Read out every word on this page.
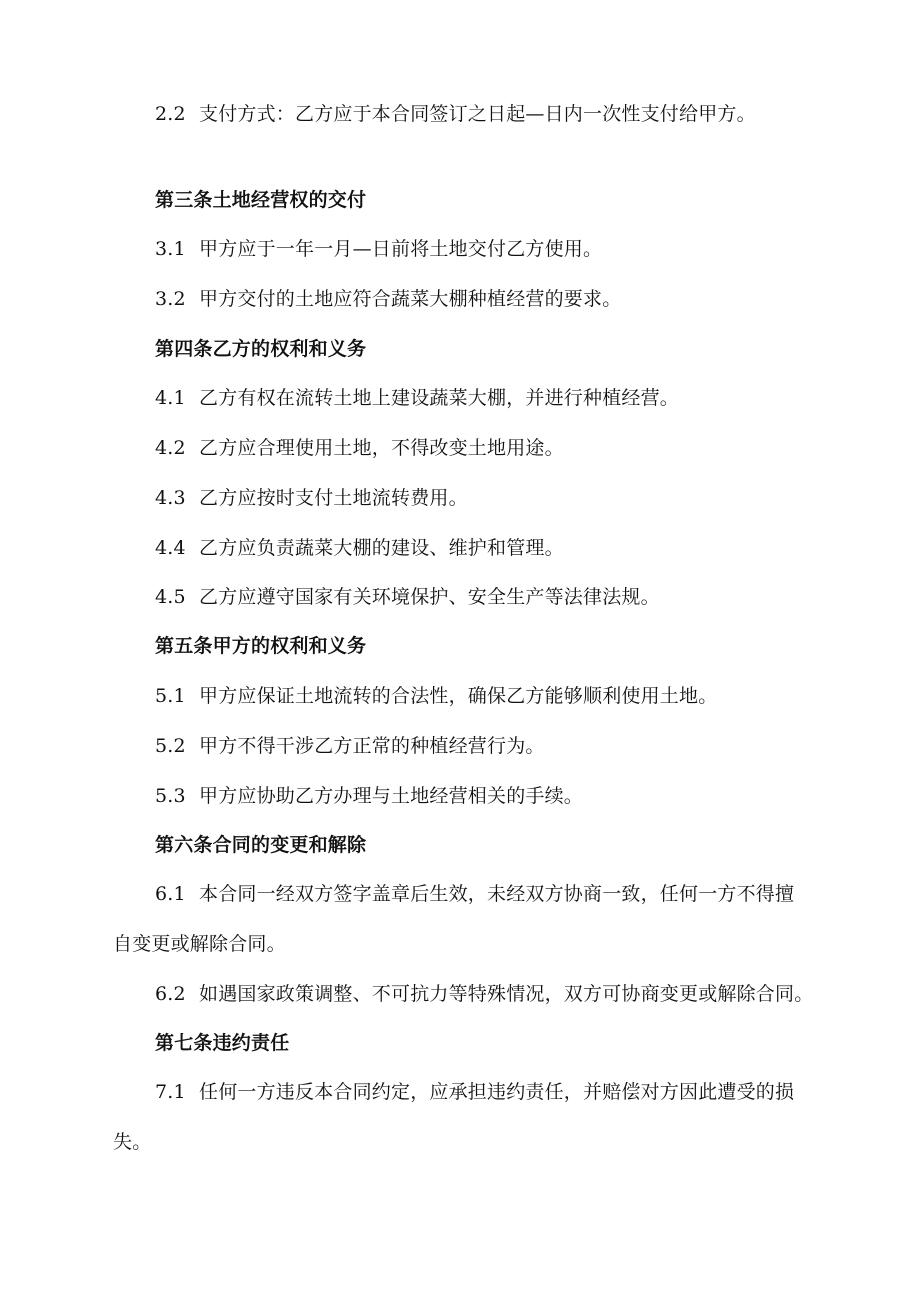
2.2 支付方式：乙方应于本合同签订之日起—日内一次性支付给甲方。
第三条土地经营权的交付
3.1 甲方应于一年一月—日前将土地交付乙方使用。
3.2 甲方交付的土地应符合蔬菜大棚种植经营的要求。
第四条乙方的权利和义务
4.1 乙方有权在流转土地上建设蔬菜大棚，并进行种植经营。
4.2 乙方应合理使用土地，不得改变土地用途。
4.3 乙方应按时支付土地流转费用。
4.4 乙方应负责蔬菜大棚的建设、维护和管理。
4.5 乙方应遵守国家有关环境保护、安全生产等法律法规。
第五条甲方的权利和义务
5.1 甲方应保证土地流转的合法性，确保乙方能够顺利使用土地。
5.2 甲方不得干涉乙方正常的种植经营行为。
5.3 甲方应协助乙方办理与土地经营相关的手续。
第六条合同的变更和解除
6.1 本合同一经双方签字盖章后生效，未经双方协商一致，任何一方不得擅
自变更或解除合同。
6.2 如遇国家政策调整、不可抗力等特殊情况，双方可协商变更或解除合同。
第七条违约责任
7.1 任何一方违反本合同约定，应承担违约责任，并赔偿对方因此遭受的损
失。
